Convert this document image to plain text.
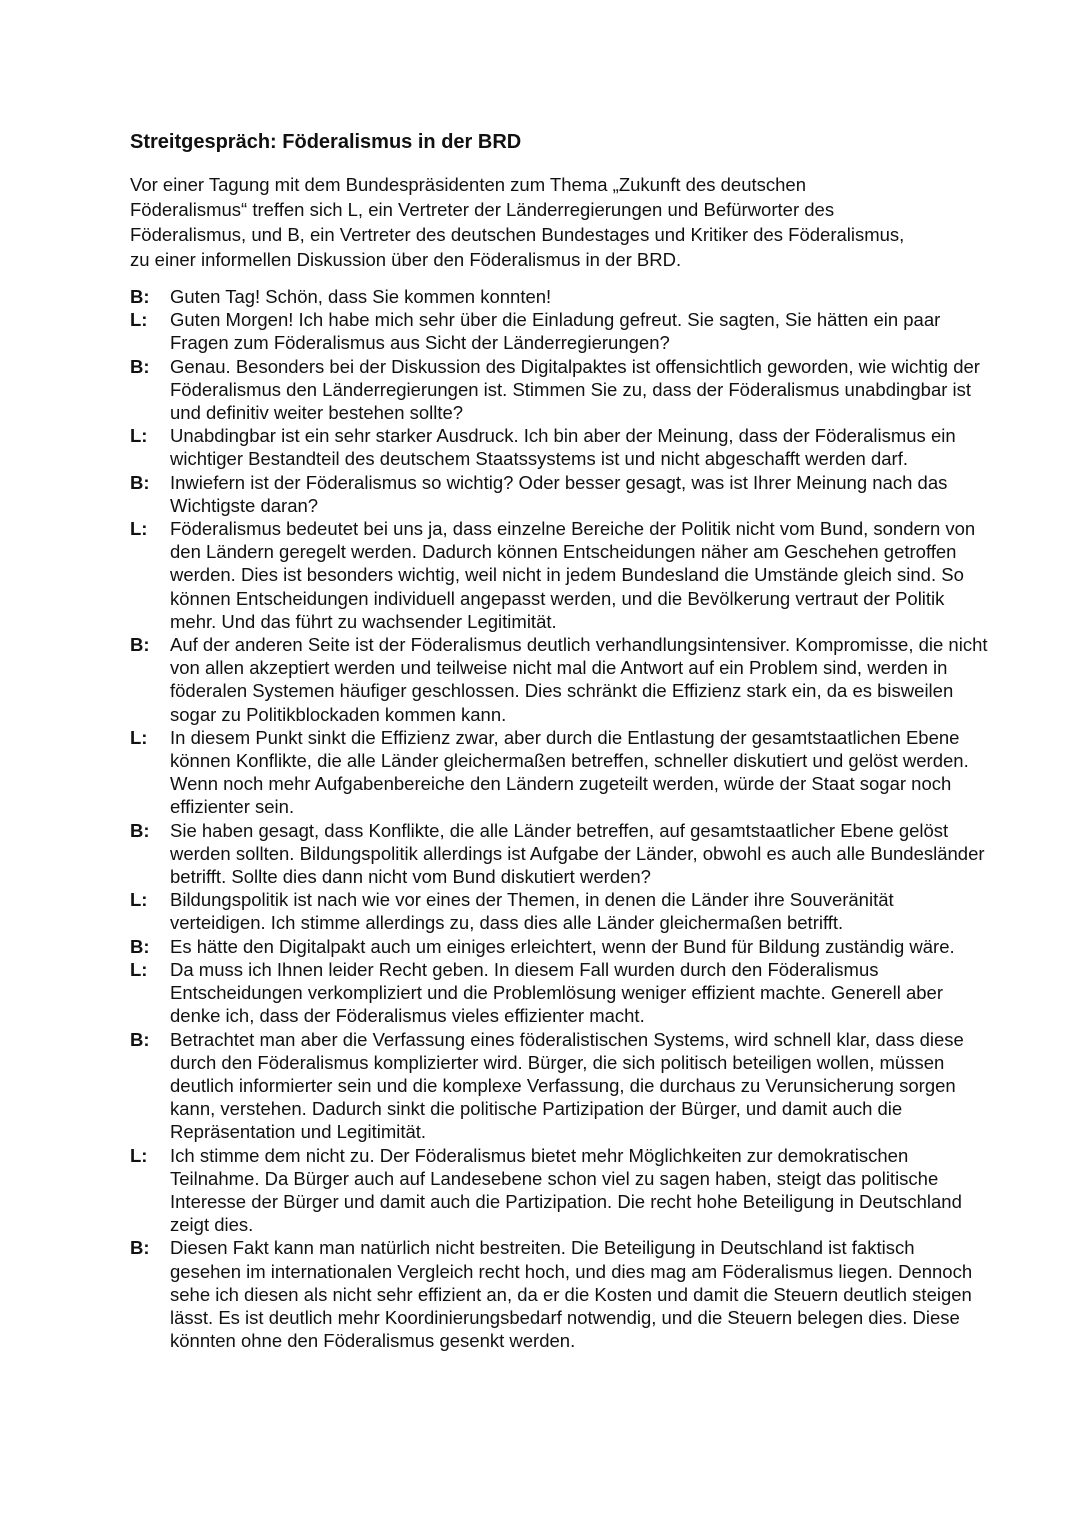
Streitgespräch: Föderalismus in der BRD

Vor einer Tagung mit dem Bundespräsidenten zum Thema „Zukunft des deutschen Föderalismus“ treffen sich L, ein Vertreter der Länderregierungen und Befürworter des Föderalismus, und B, ein Vertreter des deutschen Bundestages und Kritiker des Föderalismus, zu einer informellen Diskussion über den Föderalismus in der BRD.

B:	Guten Tag! Schön, dass Sie kommen konnten!
L:	Guten Morgen! Ich habe mich sehr über die Einladung gefreut. Sie sagten, Sie hätten ein paar Fragen zum Föderalismus aus Sicht der Länderregierungen?
B:	Genau. Besonders bei der Diskussion des Digitalpaktes ist offensichtlich geworden, wie wichtig der Föderalismus den Länderregierungen ist. Stimmen Sie zu, dass der Föderalismus unabdingbar ist und definitiv weiter bestehen sollte?
L:	Unabdingbar ist ein sehr starker Ausdruck. Ich bin aber der Meinung, dass der Föderalismus ein wichtiger Bestandteil des deutschem Staatssystems ist und nicht abgeschafft werden darf.
B:	Inwiefern ist der Föderalismus so wichtig? Oder besser gesagt, was ist Ihrer Meinung nach das Wichtigste daran?
L:	Föderalismus bedeutet bei uns ja, dass einzelne Bereiche der Politik nicht vom Bund, sondern von den Ländern geregelt werden. Dadurch können Entscheidungen näher am Geschehen getroffen werden. Dies ist besonders wichtig, weil nicht in jedem Bundesland die Umstände gleich sind. So können Entscheidungen individuell angepasst werden, und die Bevölkerung vertraut der Politik mehr. Und das führt zu wachsender Legitimität.
B:	Auf der anderen Seite ist der Föderalismus deutlich verhandlungsintensiver. Kompromisse, die nicht von allen akzeptiert werden und teilweise nicht mal die Antwort auf ein Problem sind, werden in föderalen Systemen häufiger geschlossen. Dies schränkt die Effizienz stark ein, da es bisweilen sogar zu Politikblockaden kommen kann.
L:	In diesem Punkt sinkt die Effizienz zwar, aber durch die Entlastung der gesamtstaatlichen Ebene können Konflikte, die alle Länder gleichermaßen betreffen, schneller diskutiert und gelöst werden. Wenn noch mehr Aufgabenbereiche den Ländern zugeteilt werden, würde der Staat sogar noch effizienter sein.
B:	Sie haben gesagt, dass Konflikte, die alle Länder betreffen, auf gesamtstaatlicher Ebene gelöst werden sollten. Bildungspolitik allerdings ist Aufgabe der Länder, obwohl es auch alle Bundesländer betrifft. Sollte dies dann nicht vom Bund diskutiert werden?
L:	Bildungspolitik ist nach wie vor eines der Themen, in denen die Länder ihre Souveränität verteidigen. Ich stimme allerdings zu, dass dies alle Länder gleichermaßen betrifft.
B:	Es hätte den Digitalpakt auch um einiges erleichtert, wenn der Bund für Bildung zuständig wäre.
L:	Da muss ich Ihnen leider Recht geben. In diesem Fall wurden durch den Föderalismus Entscheidungen verkompliziert und die Problemlösung weniger effizient machte. Generell aber denke ich, dass der Föderalismus vieles effizienter macht.
B:	Betrachtet man aber die Verfassung eines föderalistischen Systems, wird schnell klar, dass diese durch den Föderalismus komplizierter wird. Bürger, die sich politisch beteiligen wollen, müssen deutlich informierter sein und die komplexe Verfassung, die durchaus zu Verunsicherung sorgen kann, verstehen. Dadurch sinkt die politische Partizipation der Bürger, und damit auch die Repräsentation und Legitimität.
L:	Ich stimme dem nicht zu. Der Föderalismus bietet mehr Möglichkeiten zur demokratischen Teilnahme. Da Bürger auch auf Landesebene schon viel zu sagen haben, steigt das politische Interesse der Bürger und damit auch die Partizipation. Die recht hohe Beteiligung in Deutschland zeigt dies.
B:	Diesen Fakt kann man natürlich nicht bestreiten. Die Beteiligung in Deutschland ist faktisch gesehen im internationalen Vergleich recht hoch, und dies mag am Föderalismus liegen. Dennoch sehe ich diesen als nicht sehr effizient an, da er die Kosten und damit die Steuern deutlich steigen lässt. Es ist deutlich mehr Koordinierungsbedarf notwendig, und die Steuern belegen dies. Diese könnten ohne den Föderalismus gesenkt werden.
